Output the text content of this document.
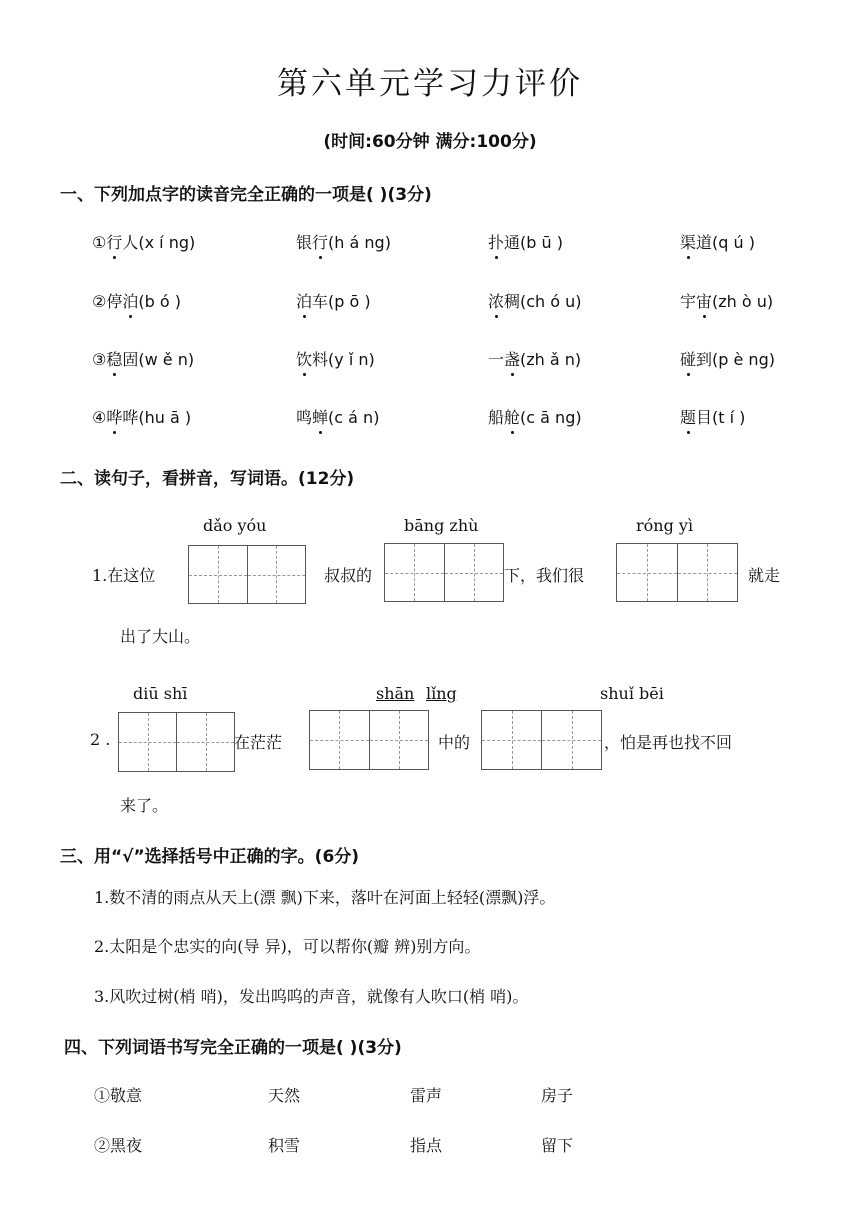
第六单元学习力评价
(时间:60分钟 满分:100分)
一、下列加点字的读音完全正确的一项是( )(3分)
①行人(x í ng)	银行(h á ng)	扑通(b ū )	渠道(q ú )
②停泊(b ó )	泊车(p ō )	浓稠(ch ó u)	宇宙(zh ò u)
③稳固(w ě n)	饮料(y ǐ n)	一盏(zh ǎ n)	碰到(p è ng)
④哗哗(hu ā )	鸣蝉(c á n)	船舱(c ā ng)	题目(t í )
二、读句子，看拼音，写词语。(12分)
dǎo yóu	bāng zhù	róng yì
1.在这位	叔叔的	下，我们很	就走
出了大山。
diū shī	shān lǐng	shuǐ bēi
2 .	在茫茫	中的	，怕是再也找不回
来了。
三、用“√”选择括号中正确的字。(6分)
1.数不清的雨点从天上(漂 飘)下来，落叶在河面上轻轻(漂飘)浮。
2.太阳是个忠实的向(导 异)，可以帮你(瓣 辨)别方向。
3.风吹过树(梢 哨)，发出呜呜的声音，就像有人吹口(梢 哨)。
四、下列词语书写完全正确的一项是( )(3分)
①敬意	天然	雷声	房子
②黑夜	积雪	指点	留下
